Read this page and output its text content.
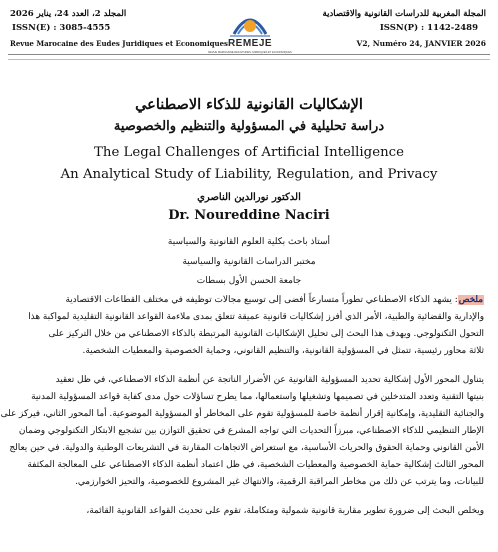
المجلة المغربية للدراسات القانونية والاقتصادية
المجلد 2، العدد 24، يناير 2026
ISSN(P) : 1142-2489
ISSN(E) : 3085-4555
Revue Marocaine des Eudes Juridiques et Economiques	V2, Numéro 24, JANVIER 2026
REMEJE
REVUE MAROCAINE DES ETUDES JURIDIQUES ET ECONOMIQUES
الإشكاليات القانونية للذكاء الاصطناعي
دراسة تحليلية في المسؤولية والتنظيم والخصوصية
The Legal Challenges of Artificial Intelligence
An Analytical Study of Liability, Regulation, and Privacy
الدكتور نورالدين الناصري
Dr. Noureddine Naciri
أستاذ باحث بكلية العلوم القانونية والسياسية
مختبر الدراسات القانونية والسياسية
جامعة الحسن الأول بسطات
ملخص: يشهد الذكاء الاصطناعي تطوراً متسارعاً أفضى إلى توسيع مجالات توظيفه في مختلف القطاعات الاقتصادية
والإدارية والقضائية والطبية، الأمر الذي أفرز إشكاليات قانونية عميقة تتعلق بمدى ملاءمة القواعد القانونية التقليدية لمواكبة هذا
التحول التكنولوجي. ويهدف هذا البحث إلى تحليل الإشكاليات القانونية المرتبطة بالذكاء الاصطناعي من خلال التركيز على
ثلاثة محاور رئيسية، تتمثل في المسؤولية القانونية، والتنظيم القانوني، وحماية الخصوصية والمعطيات الشخصية.
يتناول المحور الأول إشكالية تحديد المسؤولية القانونية عن الأضرار الناتجة عن أنظمة الذكاء الاصطناعي، في ظل تعقيد
بنيتها التقنية وتعدد المتدخلين في تصميمها وتشغيلها واستعمالها، مما يطرح تساؤلات حول مدى كفاية قواعد المسؤولية المدنية
والجنائية التقليدية، وإمكانية إقرار أنظمة خاصة للمسؤولية تقوم على المخاطر أو المسؤولية الموضوعية. أما المحور الثاني، فيركز على
الإطار التنظيمي للذكاء الاصطناعي، مبرزاً التحديات التي تواجه المشرع في تحقيق التوازن بين تشجيع الابتكار التكنولوجي وضمان
الأمن القانوني وحماية الحقوق والحريات الأساسية، مع استعراض الاتجاهات المقارنة في التشريعات الوطنية والدولية. في حين يعالج
المحور الثالث إشكالية حماية الخصوصية والمعطيات الشخصية، في ظل اعتماد أنظمة الذكاء الاصطناعي على المعالجة المكثفة
للبيانات، وما يترتب عن ذلك من مخاطر المراقبة الرقمية، والانتهاك غير المشروع للخصوصية، والتحيز الخوارزمي.
ويخلص البحث إلى ضرورة تطوير مقاربة قانونية شمولية ومتكاملة، تقوم على تحديث القواعد القانونية القائمة،
